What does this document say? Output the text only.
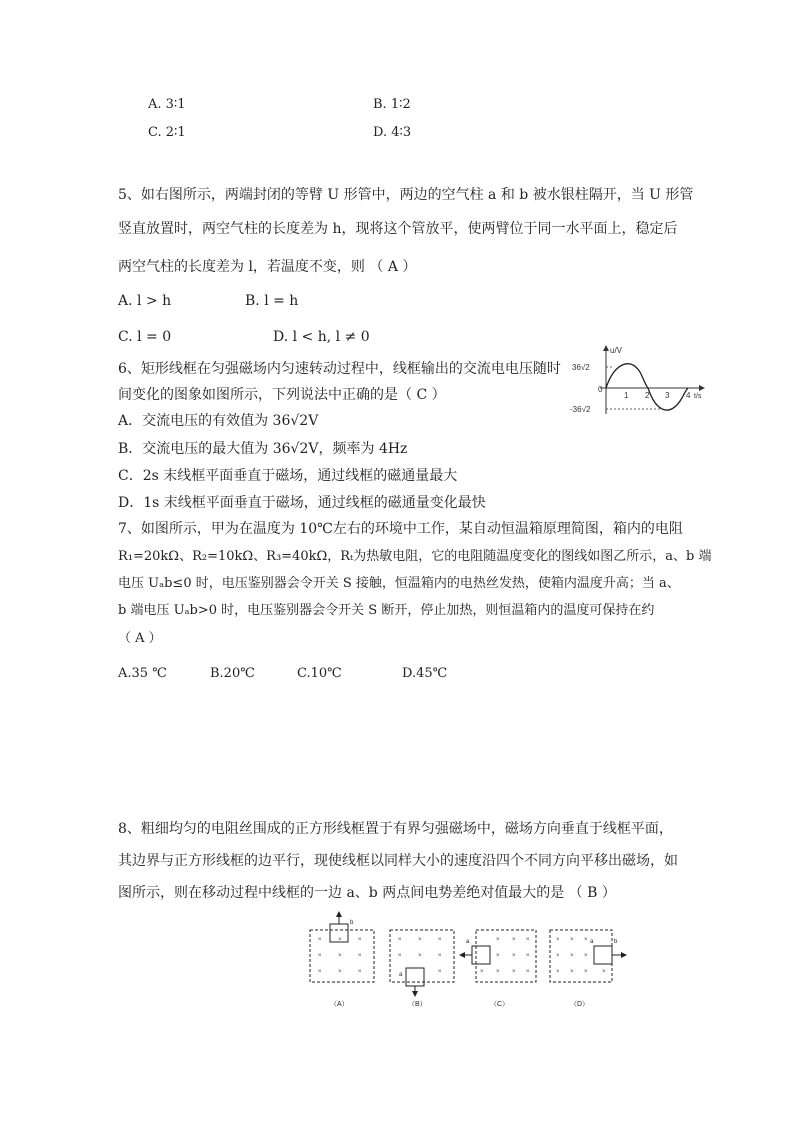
A. 3∶1	B. 1∶2
C. 2∶1	D. 4∶3
5、如右图所示，两端封闭的等臂 U 形管中，两边的空气柱 a 和 b 被水银柱隔开，当 U 形管
竖直放置时，两空气柱的长度差为 h，现将这个管放平，使两臂位于同一水平面上，稳定后
两空气柱的长度差为 l，若温度不变，则 （ A ）
A. l > h	B. l = h
C. l = 0	D. l < h, l ≠ 0
6、矩形线框在匀强磁场内匀速转动过程中，线框输出的交流电电压随时
间变化的图象如图所示，下列说法中正确的是（ C ）
A．交流电压的有效值为 36√2V
B．交流电压的最大值为 36√2V，频率为 4Hz
C．2s 末线框平面垂直于磁场，通过线框的磁通量最大
D．1s 末线框平面垂直于磁场，通过线框的磁通量变化最快
u/V
36√2
0
-36√2
1 2 3 4 t/s
7、如图所示，甲为在温度为 10℃左右的环境中工作，某自动恒温箱原理简图，箱内的电阻
R₁=20kΩ、R₂=10kΩ、R₃=40kΩ，Rₜ为热敏电阻，它的电阻随温度变化的图线如图乙所示，a、b 端
电压 Uₐb≤0 时，电压鉴别器会令开关 S 接触，恒温箱内的电热丝发热，使箱内温度升高；当 a、
b 端电压 Uₐb>0 时，电压鉴别器会令开关 S 断开，停止加热，则恒温箱内的温度可保持在约
（ A ）
A.35 ℃	B.20℃	C.10℃	D.45℃
8、粗细均匀的电阻丝围成的正方形线框置于有界匀强磁场中，磁场方向垂直于线框平面，
其边界与正方形线框的边平行，现使线框以同样大小的速度沿四个不同方向平移出磁场，如
图所示，则在移动过程中线框的一边 a、b 两点间电势差绝对值最大的是 （ B ）
b
×	×	×
×	×	×
×	×	×
（A）
a
×	×	×
×	×	×
×
（B）
a	× × ×
× × ×
× × × ×
（C）
a	b
× × ×
× × ×
× × × ×
（D）
